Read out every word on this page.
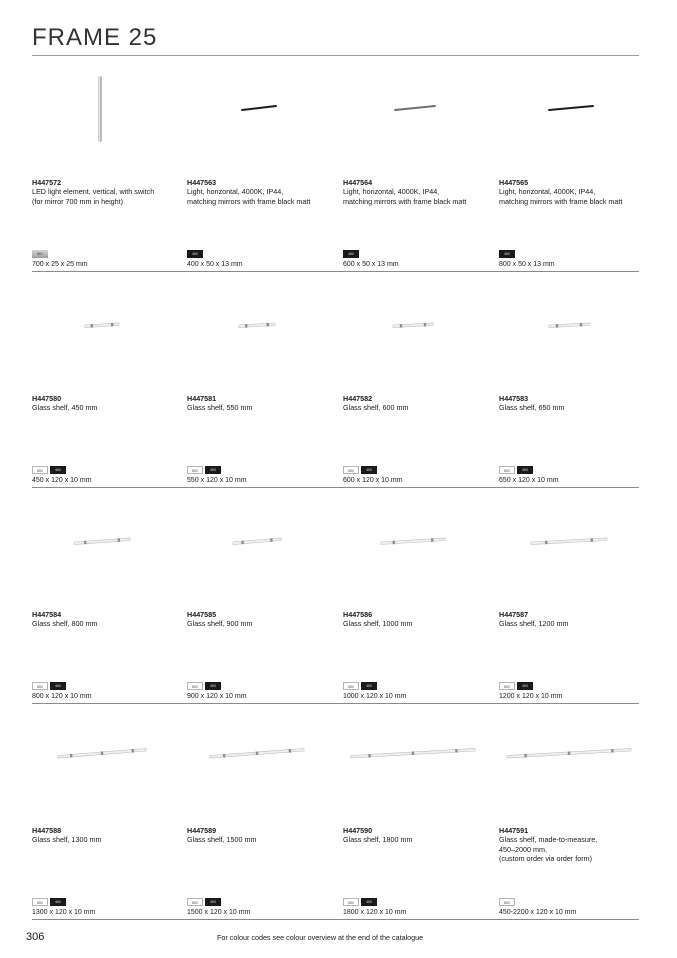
FRAME 25
H447572
LED light element, vertical, with switch
(for mirror 700 mm in height)
861
700 x 25 x 25 mm
H447563
Light, horizontal, 4000K, IP44,
matching mirrors with frame black matt
450
400 x 50 x 13 mm
H447564
Light, horizontal, 4000K, IP44,
matching mirrors with frame black matt
450
600 x 50 x 13 mm
H447565
Light, horizontal, 4000K, IP44,
matching mirrors with frame black matt
450
800 x 50 x 13 mm
H447580
Glass shelf, 450 mm
880	450
450 x 120 x 10 mm
H447581
Glass shelf, 550 mm
880	450
550 x 120 x 10 mm
H447582
Glass shelf, 600 mm
880	450
600 x 120 x 10 mm
H447583
Glass shelf, 650 mm
880	450
650 x 120 x 10 mm
H447584
Glass shelf, 800 mm
880	450
800 x 120 x 10 mm
H447585
Glass shelf, 900 mm
880	450
900 x 120 x 10 mm
H447586
Glass shelf, 1000 mm
880	450
1000 x 120 x 10 mm
H447587
Glass shelf, 1200 mm
880	450
1200 x 120 x 10 mm
H447588
Glass shelf, 1300 mm
880	450
1300 x 120 x 10 mm
H447589
Glass shelf, 1500 mm
880	450
1500 x 120 x 10 mm
H447590
Glass shelf, 1800 mm
880	450
1800 x 120 x 10 mm
H447591
Glass shelf, made-to-measure,
450–2000 mm,
(custom order via order form)
880
450-2200 x 120 x 10 mm
306	For colour codes see colour overview at the end of the catalogue
